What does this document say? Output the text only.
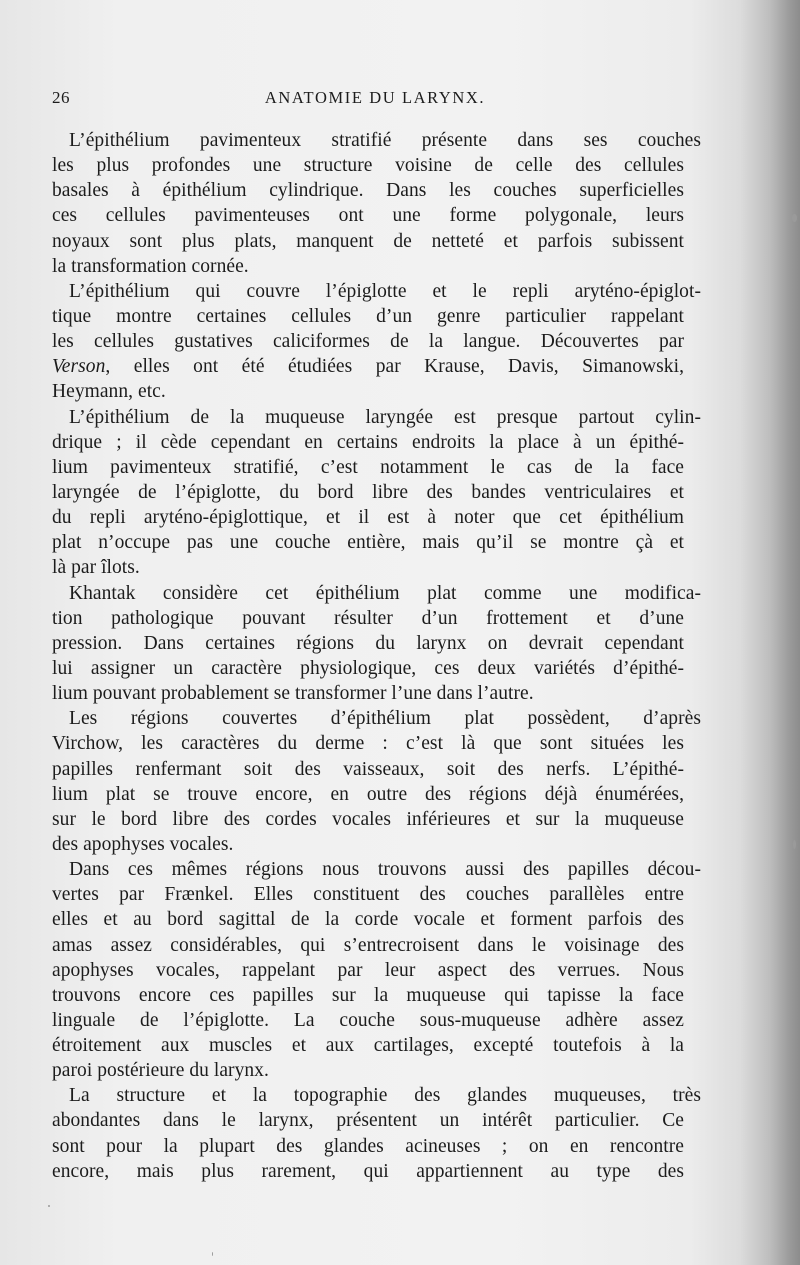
26	ANATOMIE DU LARYNX.
L’épithélium pavimenteux stratifié présente dans ses couches
les plus profondes une structure voisine de celle des cellules
basales à épithélium cylindrique. Dans les couches superficielles
ces cellules pavimenteuses ont une forme polygonale, leurs
noyaux sont plus plats, manquent de netteté et parfois subissent
la transformation cornée.
L’épithélium qui couvre l’épiglotte et le repli aryténo-épiglot-
tique montre certaines cellules d’un genre particulier rappelant
les cellules gustatives caliciformes de la langue. Découvertes par
Verson, elles ont été étudiées par Krause, Davis, Simanowski,
Heymann, etc.
L’épithélium de la muqueuse laryngée est presque partout cylin-
drique ; il cède cependant en certains endroits la place à un épithé-
lium pavimenteux stratifié, c’est notamment le cas de la face
laryngée de l’épiglotte, du bord libre des bandes ventriculaires et
du repli aryténo-épiglottique, et il est à noter que cet épithélium
plat n’occupe pas une couche entière, mais qu’il se montre çà et
là par îlots.
Khantak considère cet épithélium plat comme une modifica-
tion pathologique pouvant résulter d’un frottement et d’une
pression. Dans certaines régions du larynx on devrait cependant
lui assigner un caractère physiologique, ces deux variétés d’épithé-
lium pouvant probablement se transformer l’une dans l’autre.
Les régions couvertes d’épithélium plat possèdent, d’après
Virchow, les caractères du derme : c’est là que sont situées les
papilles renfermant soit des vaisseaux, soit des nerfs. L’épithé-
lium plat se trouve encore, en outre des régions déjà énumérées,
sur le bord libre des cordes vocales inférieures et sur la muqueuse
des apophyses vocales.
Dans ces mêmes régions nous trouvons aussi des papilles décou-
vertes par Frænkel. Elles constituent des couches parallèles entre
elles et au bord sagittal de la corde vocale et forment parfois des
amas assez considérables, qui s’entrecroisent dans le voisinage des
apophyses vocales, rappelant par leur aspect des verrues. Nous
trouvons encore ces papilles sur la muqueuse qui tapisse la face
linguale de l’épiglotte. La couche sous-muqueuse adhère assez
étroitement aux muscles et aux cartilages, excepté toutefois à la
paroi postérieure du larynx.
La structure et la topographie des glandes muqueuses, très
abondantes dans le larynx, présentent un intérêt particulier. Ce
sont pour la plupart des glandes acineuses ; on en rencontre
encore, mais plus rarement, qui appartiennent au type des
